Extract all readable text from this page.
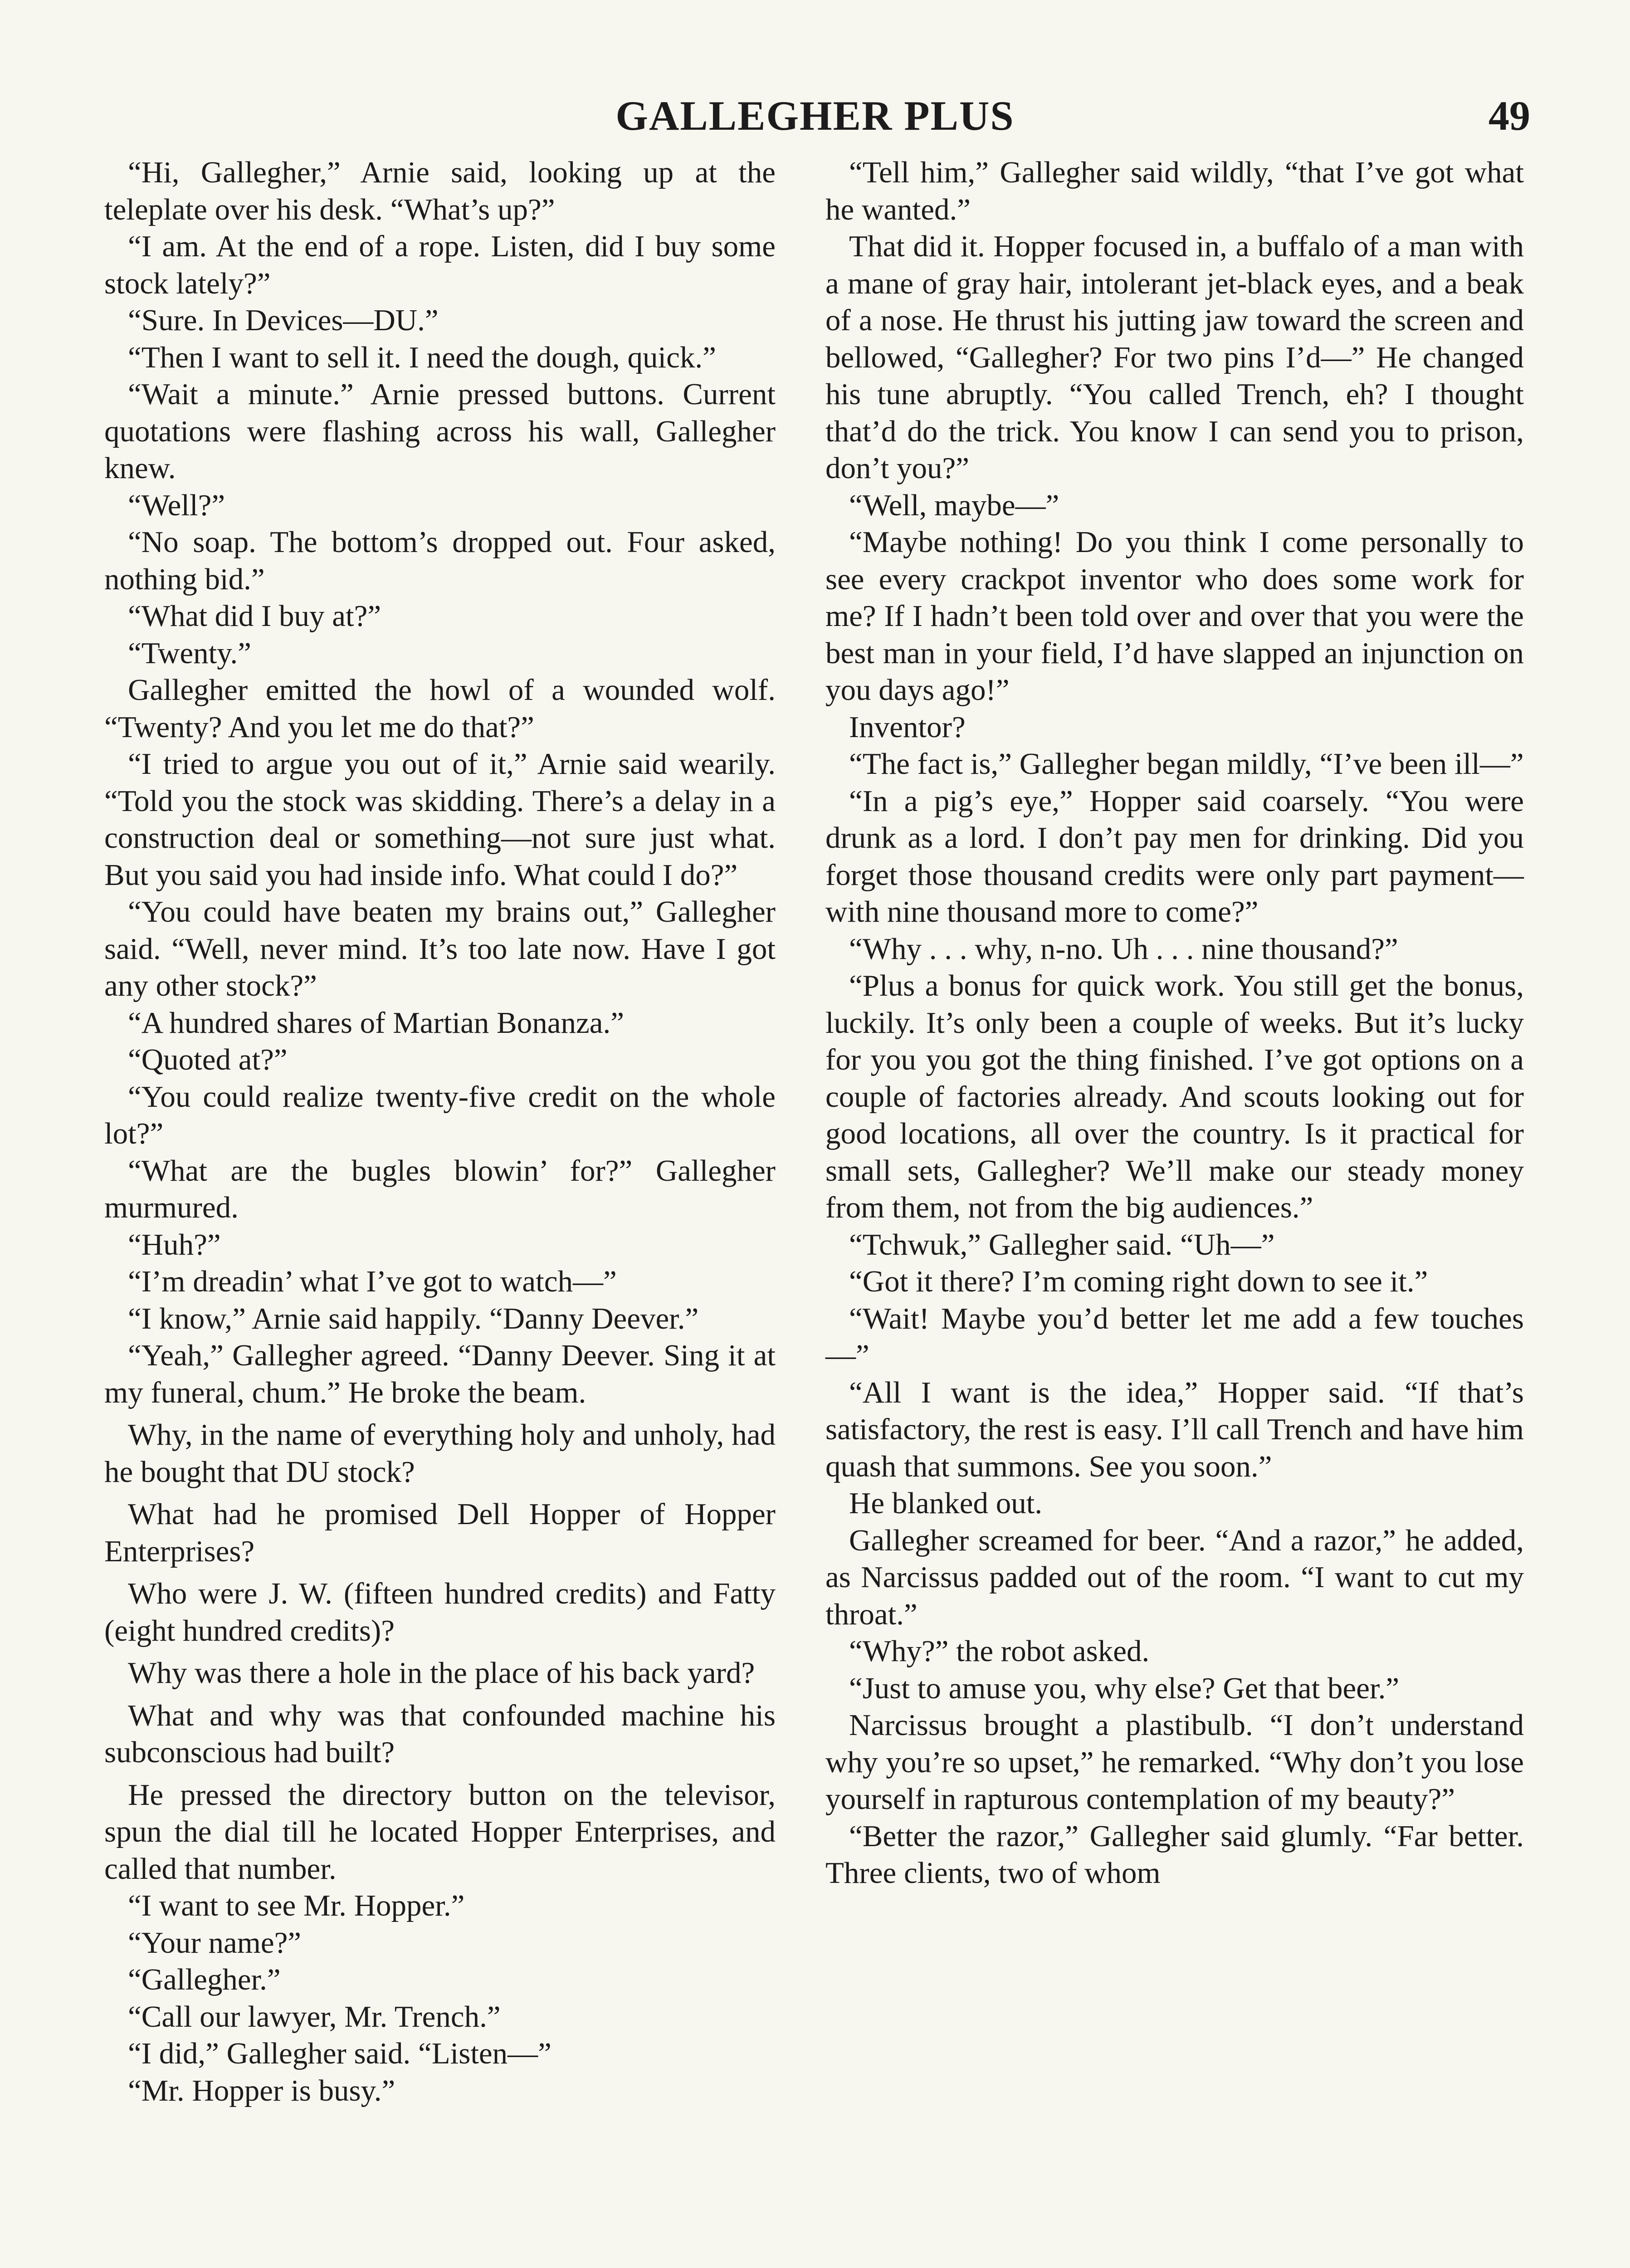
GALLEGHER PLUS	49

“Hi, Gallegher,” Arnie said, looking up at the teleplate over his desk. “What’s up?”

“I am. At the end of a rope. Listen, did I buy some stock lately?”

“Sure. In Devices—DU.”

“Then I want to sell it. I need the dough, quick.”

“Wait a minute.” Arnie pressed buttons. Current quotations were flashing across his wall, Gallegher knew.

“Well?”

“No soap. The bottom’s dropped out. Four asked, nothing bid.”

“What did I buy at?”

“Twenty.”

Gallegher emitted the howl of a wounded wolf. “Twenty? And you let me do that?”

“I tried to argue you out of it,” Arnie said wearily. “Told you the stock was skidding. There’s a delay in a construction deal or something—not sure just what. But you said you had inside info. What could I do?”

“You could have beaten my brains out,” Gallegher said. “Well, never mind. It’s too late now. Have I got any other stock?”

“A hundred shares of Martian Bonanza.”

“Quoted at?”

“You could realize twenty-five credit on the whole lot?”

“What are the bugles blowin’ for?” Gallegher murmured.

“Huh?”

“I’m dreadin’ what I’ve got to watch—”

“I know,” Arnie said happily. “Danny Deever.”

“Yeah,” Gallegher agreed. “Danny Deever. Sing it at my funeral, chum.” He broke the beam.

Why, in the name of everything holy and unholy, had he bought that DU stock?

What had he promised Dell Hopper of Hopper Enterprises?

Who were J. W. (fifteen hundred credits) and Fatty (eight hundred credits)?

Why was there a hole in the place of his back yard?

What and why was that confounded machine his subconscious had built?

He pressed the directory button on the televisor, spun the dial till he located Hopper Enterprises, and called that number.

“I want to see Mr. Hopper.”

“Your name?”

“Gallegher.”

“Call our lawyer, Mr. Trench.”

“I did,” Gallegher said. “Listen—”

“Mr. Hopper is busy.”

“Tell him,” Gallegher said wildly, “that I’ve got what he wanted.”

That did it. Hopper focused in, a buffalo of a man with a mane of gray hair, intolerant jet-black eyes, and a beak of a nose. He thrust his jutting jaw toward the screen and bellowed, “Gallegher? For two pins I’d—” He changed his tune abruptly. “You called Trench, eh? I thought that’d do the trick. You know I can send you to prison, don’t you?”

“Well, maybe—”

“Maybe nothing! Do you think I come personally to see every crackpot inventor who does some work for me? If I hadn’t been told over and over that you were the best man in your field, I’d have slapped an injunction on you days ago!”

Inventor?

“The fact is,” Gallegher began mildly, “I’ve been ill—”

“In a pig’s eye,” Hopper said coarsely. “You were drunk as a lord. I don’t pay men for drinking. Did you forget those thousand credits were only part payment—with nine thousand more to come?”

“Why . . . why, n-no. Uh . . . nine thousand?”

“Plus a bonus for quick work. You still get the bonus, luckily. It’s only been a couple of weeks. But it’s lucky for you you got the thing finished. I’ve got options on a couple of factories already. And scouts looking out for good locations, all over the country. Is it practical for small sets, Gallegher? We’ll make our steady money from them, not from the big audiences.”

“Tchwuk,” Gallegher said. “Uh—”

“Got it there? I’m coming right down to see it.”

“Wait! Maybe you’d better let me add a few touches—”

“All I want is the idea,” Hopper said. “If that’s satisfactory, the rest is easy. I’ll call Trench and have him quash that summons. See you soon.”

He blanked out.

Gallegher screamed for beer. “And a razor,” he added, as Narcissus padded out of the room. “I want to cut my throat.”

“Why?” the robot asked.

“Just to amuse you, why else? Get that beer.”

Narcissus brought a plastibulb. “I don’t understand why you’re so upset,” he remarked. “Why don’t you lose yourself in rapturous contemplation of my beauty?”

“Better the razor,” Gallegher said glumly. “Far better. Three clients, two of whom
